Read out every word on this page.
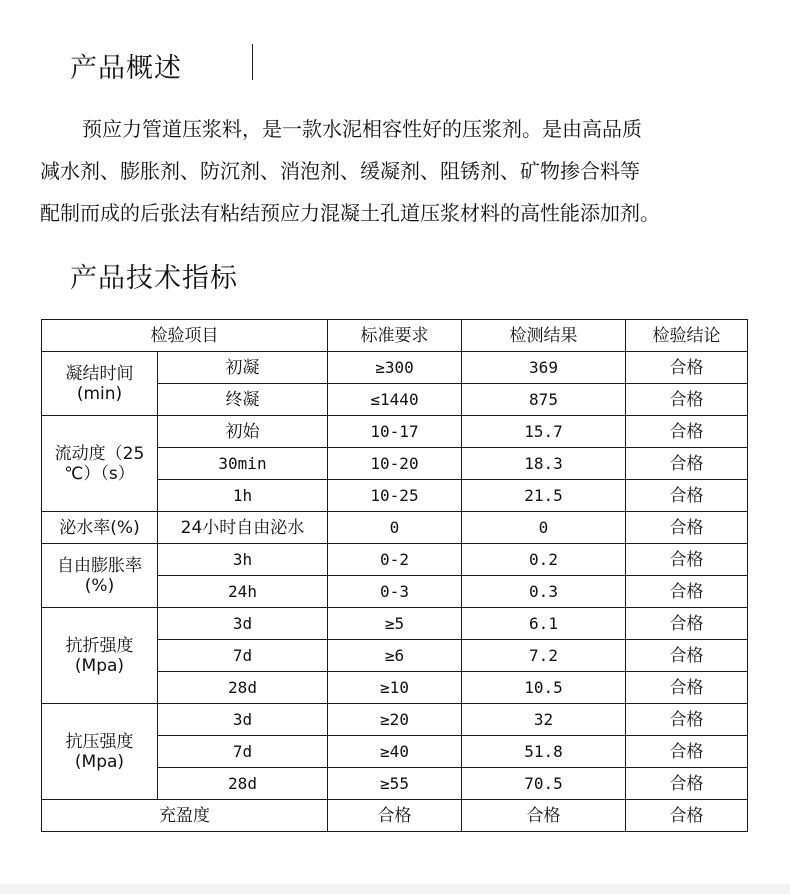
产品概述

预应力管道压浆料，是一款水泥相容性好的压浆剂。是由高品质
减水剂、膨胀剂、防沉剂、消泡剂、缓凝剂、阻锈剂、矿物掺合料等
配制而成的后张法有粘结预应力混凝土孔道压浆材料的高性能添加剂。

产品技术指标
检验项目		标准要求	检测结果	检验结论
凝结时间
(min)	初凝	≥300	369	合格
	终凝	≤1440	875	合格
流动度（25
℃）（s）	初始	10-17	15.7	合格
	30min	10-20	18.3	合格
	1h	10-25	21.5	合格
泌水率(%)	24小时自由泌水	0	0	合格
自由膨胀率
(%)	3h	0-2	0.2	合格
	24h	0-3	0.3	合格
抗折强度
(Mpa)	3d	≥5	6.1	合格
	7d	≥6	7.2	合格
	28d	≥10	10.5	合格
抗压强度
(Mpa)	3d	≥20	32	合格
	7d	≥40	51.8	合格
	28d	≥55	70.5	合格
充盈度		合格	合格	合格
